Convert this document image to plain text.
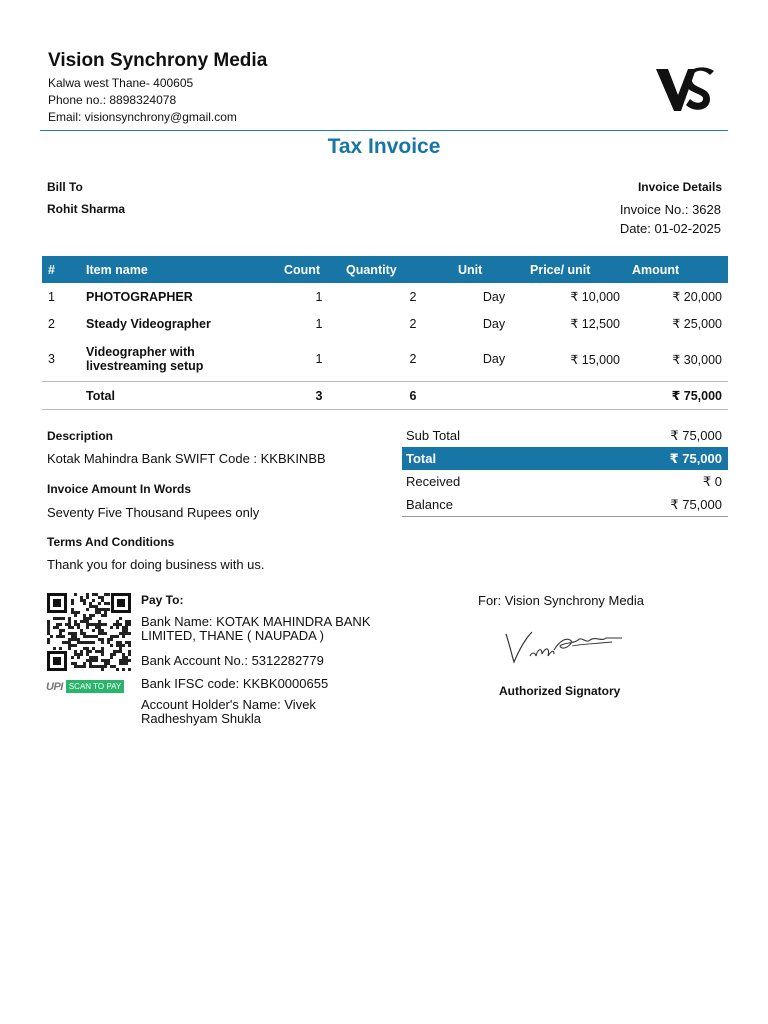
Vision Synchrony Media
Kalwa west Thane- 400605
Phone no.: 8898324078
Email: visionsynchrony@gmail.com
Tax Invoice
Bill To
Rohit Sharma
Invoice Details
Invoice No.: 3628
Date: 01-02-2025
#	Item name	Count	Quantity	Unit	Price/ unit	Amount
1	PHOTOGRAPHER	1	2	Day	₹ 10,000	₹ 20,000
2	Steady Videographer	1	2	Day	₹ 12,500	₹ 25,000
3	Videographer with livestreaming setup	1	2	Day	₹ 15,000	₹ 30,000
	Total	3	6			₹ 75,000
Description
Kotak Mahindra Bank SWIFT Code : KKBKINBB
Invoice Amount In Words
Seventy Five Thousand Rupees only
Terms And Conditions
Thank you for doing business with us.
Sub Total	₹ 75,000
Total	₹ 75,000
Received	₹ 0
Balance	₹ 75,000
UPI SCAN TO PAY
Pay To:
Bank Name: KOTAK MAHINDRA BANK LIMITED, THANE ( NAUPADA )
Bank Account No.: 5312282779
Bank IFSC code: KKBK0000655
Account Holder's Name: Vivek Radheshyam Shukla
For: Vision Synchrony Media
Authorized Signatory
